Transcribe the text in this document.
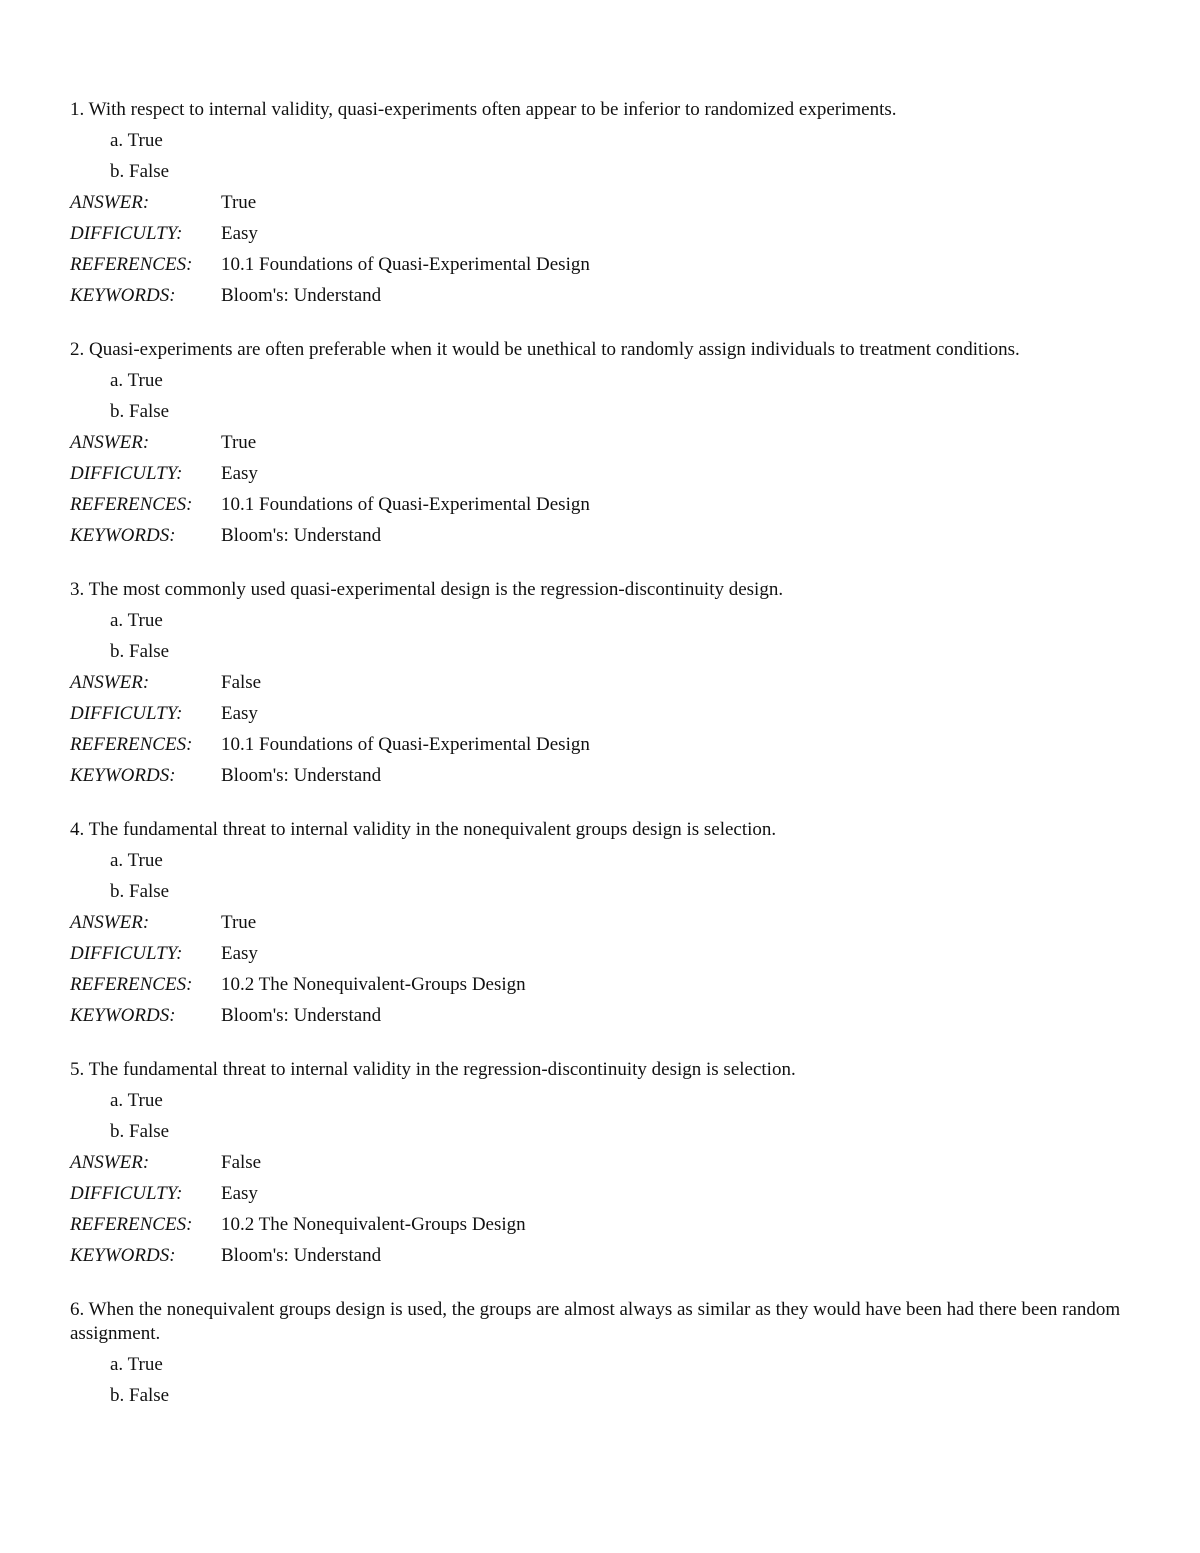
1. With respect to internal validity, quasi-experiments often appear to be inferior to randomized experiments.
a. True
b. False
ANSWER:	True
DIFFICULTY:	Easy
REFERENCES:	10.1 Foundations of Quasi-Experimental Design
KEYWORDS:	Bloom's: Understand
2. Quasi-experiments are often preferable when it would be unethical to randomly assign individuals to treatment conditions.
a. True
b. False
ANSWER:	True
DIFFICULTY:	Easy
REFERENCES:	10.1 Foundations of Quasi-Experimental Design
KEYWORDS:	Bloom's: Understand
3. The most commonly used quasi-experimental design is the regression-discontinuity design.
a. True
b. False
ANSWER:	False
DIFFICULTY:	Easy
REFERENCES:	10.1 Foundations of Quasi-Experimental Design
KEYWORDS:	Bloom's: Understand
4. The fundamental threat to internal validity in the nonequivalent groups design is selection.
a. True
b. False
ANSWER:	True
DIFFICULTY:	Easy
REFERENCES:	10.2 The Nonequivalent-Groups Design
KEYWORDS:	Bloom's: Understand
5. The fundamental threat to internal validity in the regression-discontinuity design is selection.
a. True
b. False
ANSWER:	False
DIFFICULTY:	Easy
REFERENCES:	10.2 The Nonequivalent-Groups Design
KEYWORDS:	Bloom's: Understand
6. When the nonequivalent groups design is used, the groups are almost always as similar as they would have been had there been random assignment.
a. True
b. False
